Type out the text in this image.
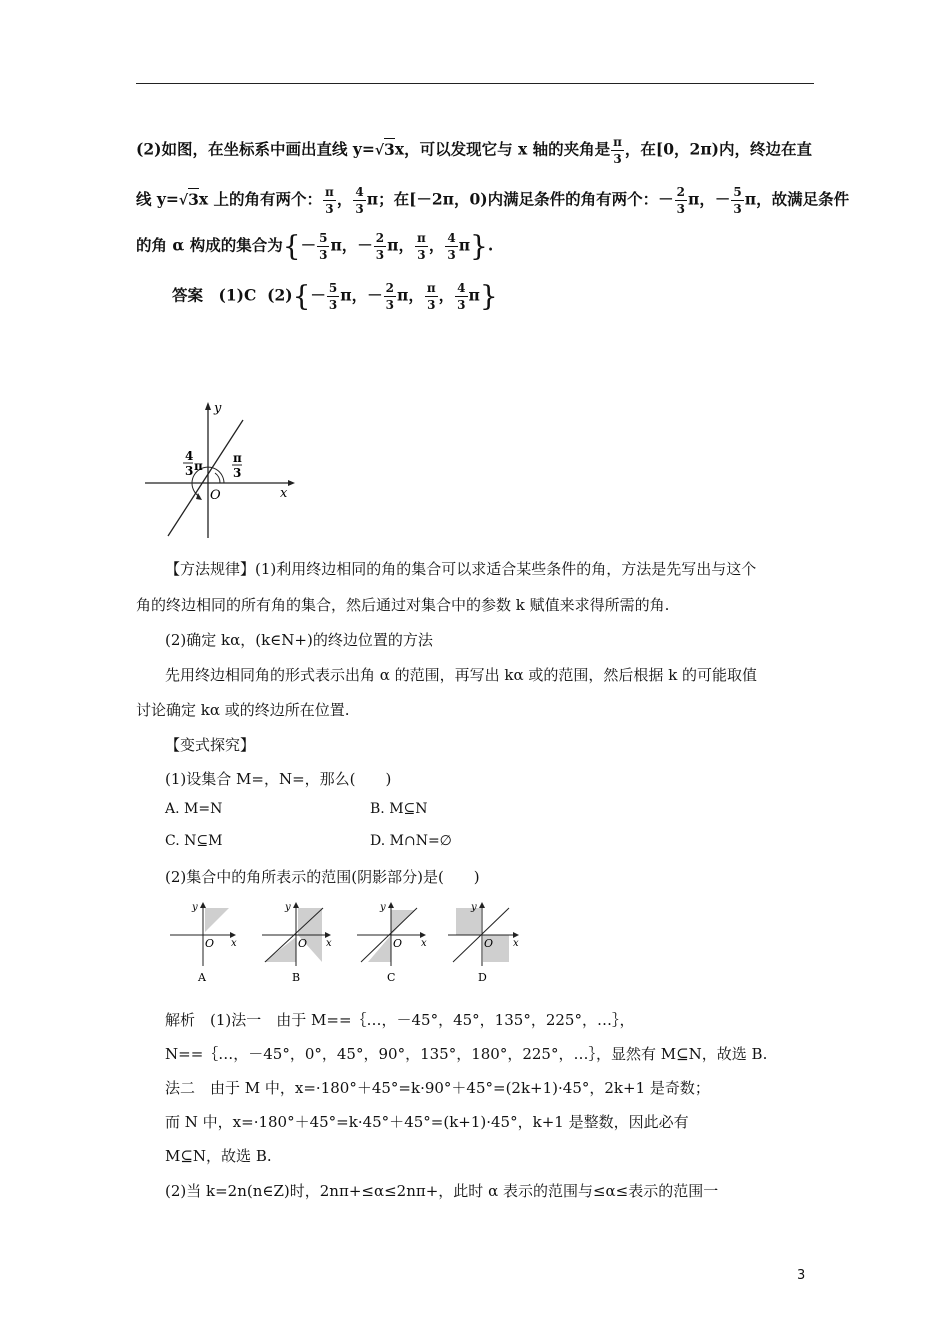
(2)如图，在坐标系中画出直线 y=√3x，可以发现它与 x 轴的夹角是 $\frac{\pi}{3}$ ，在[0，2π)内，终边在直
线 y=√3x 上的角有两个： $\frac{\pi}{3}$ ， $\frac{4}{3}$ π；在[－2π，0)内满足条件的角有两个：－ $\frac{2}{3}$ π，－ $\frac{5}{3}$ π，故满足条件
的角 α 构成的集合为{－ $\frac{5}{3}$ π，－ $\frac{2}{3}$ π， $\frac{\pi}{3}$ ， $\frac{4}{3} \pi$}.
答案　 (1)C $(2)\{- \frac{5}{3}$ π，－ $\frac{2}{3}$ π， $\frac{\pi}{3}$ ， $\frac{4}{3} \pi$}
y
x
O
4
3 π
π
3
【方法规律】(1)利用终边相同的角的集合可以求适合某些条件的角，方法是先写出与这个
角的终边相同的所有角的集合，然后通过对集合中的参数 k 赋值来求得所需的角.
(2)确定 kα，(k∈N+)的终边位置的方法
先用终边相同角的形式表示出角 α 的范围，再写出 kα 或的范围，然后根据 k 的可能取值
讨论确定 kα 或的终边所在位置.
【变式探究】
(1)设集合 M=，N=，那么(　　)
A. M=N	B. M⊆N
C. N⊆M	D. M∩N=∅
(2)集合中的角所表示的范围(阴影部分)是(　　)
y
x
O
A
y
x
O
B
y
x
O
C
y
x
O
D
解析　(1)法一　由于 M==｛…，－45°，45°，135°，225°，…｝，
N==｛…，－45°，0°，45°，90°，135°，180°，225°，…｝，显然有 M⊆N，故选 B.
法二　由于 M 中，x=·180°＋45°=k·90°＋45°=(2k+1)·45°，2k+1 是奇数；
而 N 中，x=·180°＋45°=k·45°＋45°=(k+1)·45°，k+1 是整数，因此必有
M⊆N，故选 B.
(2)当 k=2n(n∈Z)时，2nπ+≤α≤2nπ+，此时 α 表示的范围与≤α≤表示的范围一
3
